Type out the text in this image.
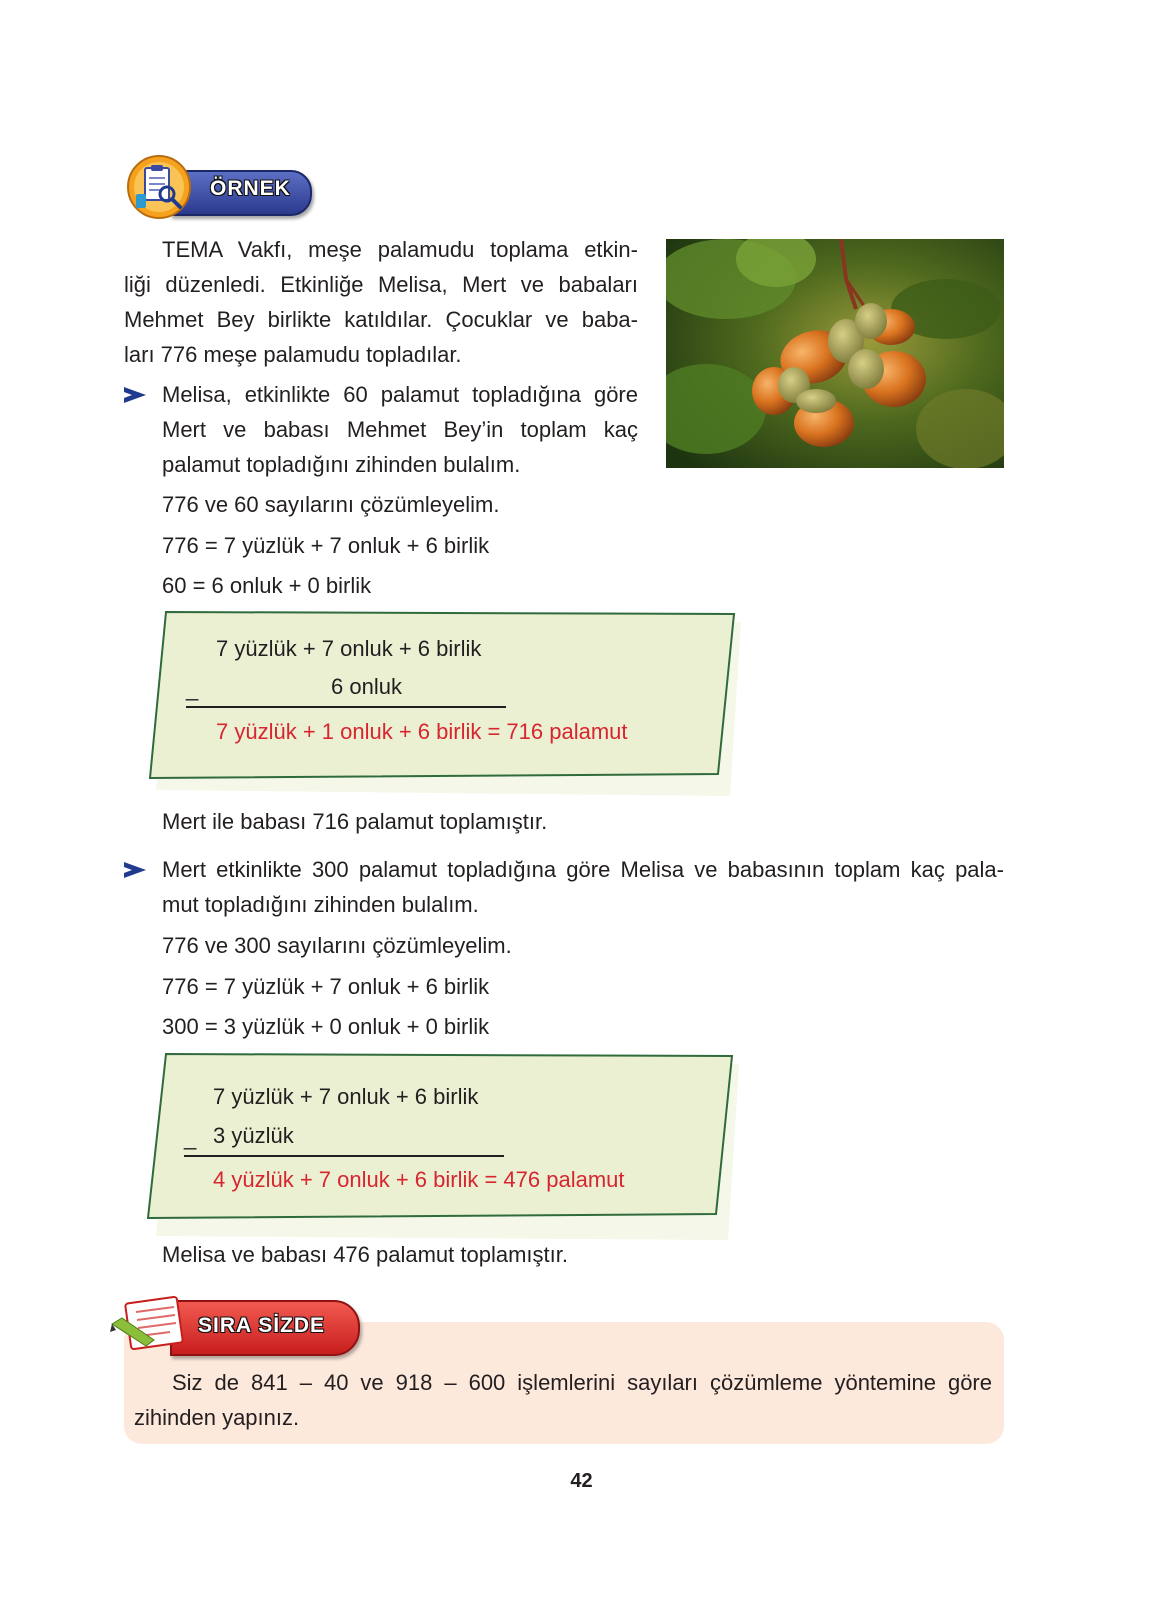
ÖRNEK
TEMA Vakfı, meşe palamudu toplama etkin-
liği düzenledi. Etkinliğe Melisa, Mert ve babaları
Mehmet Bey birlikte katıldılar. Çocuklar ve baba-
ları 776 meşe palamudu topladılar.
Melisa, etkinlikte 60 palamut topladığına göre
Mert ve babası Mehmet Bey’in toplam kaç
palamut topladığını zihinden bulalım.
776 ve 60 sayılarını çözümleyelim.
776 = 7 yüzlük + 7 onluk + 6 birlik
60 = 6 onluk + 0 birlik
7 yüzlük + 7 onluk + 6 birlik
_	6 onluk
7 yüzlük + 1 onluk + 6 birlik = 716 palamut
Mert ile babası 716 palamut toplamıştır.
Mert etkinlikte 300 palamut topladığına göre Melisa ve babasının toplam kaç pala-
mut topladığını zihinden bulalım.
776 ve 300 sayılarını çözümleyelim.
776 = 7 yüzlük + 7 onluk + 6 birlik
300 = 3 yüzlük + 0 onluk + 0 birlik
7 yüzlük + 7 onluk + 6 birlik
_ 3 yüzlük
4 yüzlük + 7 onluk + 6 birlik = 476 palamut
Melisa ve babası 476 palamut toplamıştır.
SIRA SİZDE
Siz de 841 – 40 ve 918 – 600 işlemlerini sayıları çözümleme yöntemine göre
zihinden yapınız.
42
